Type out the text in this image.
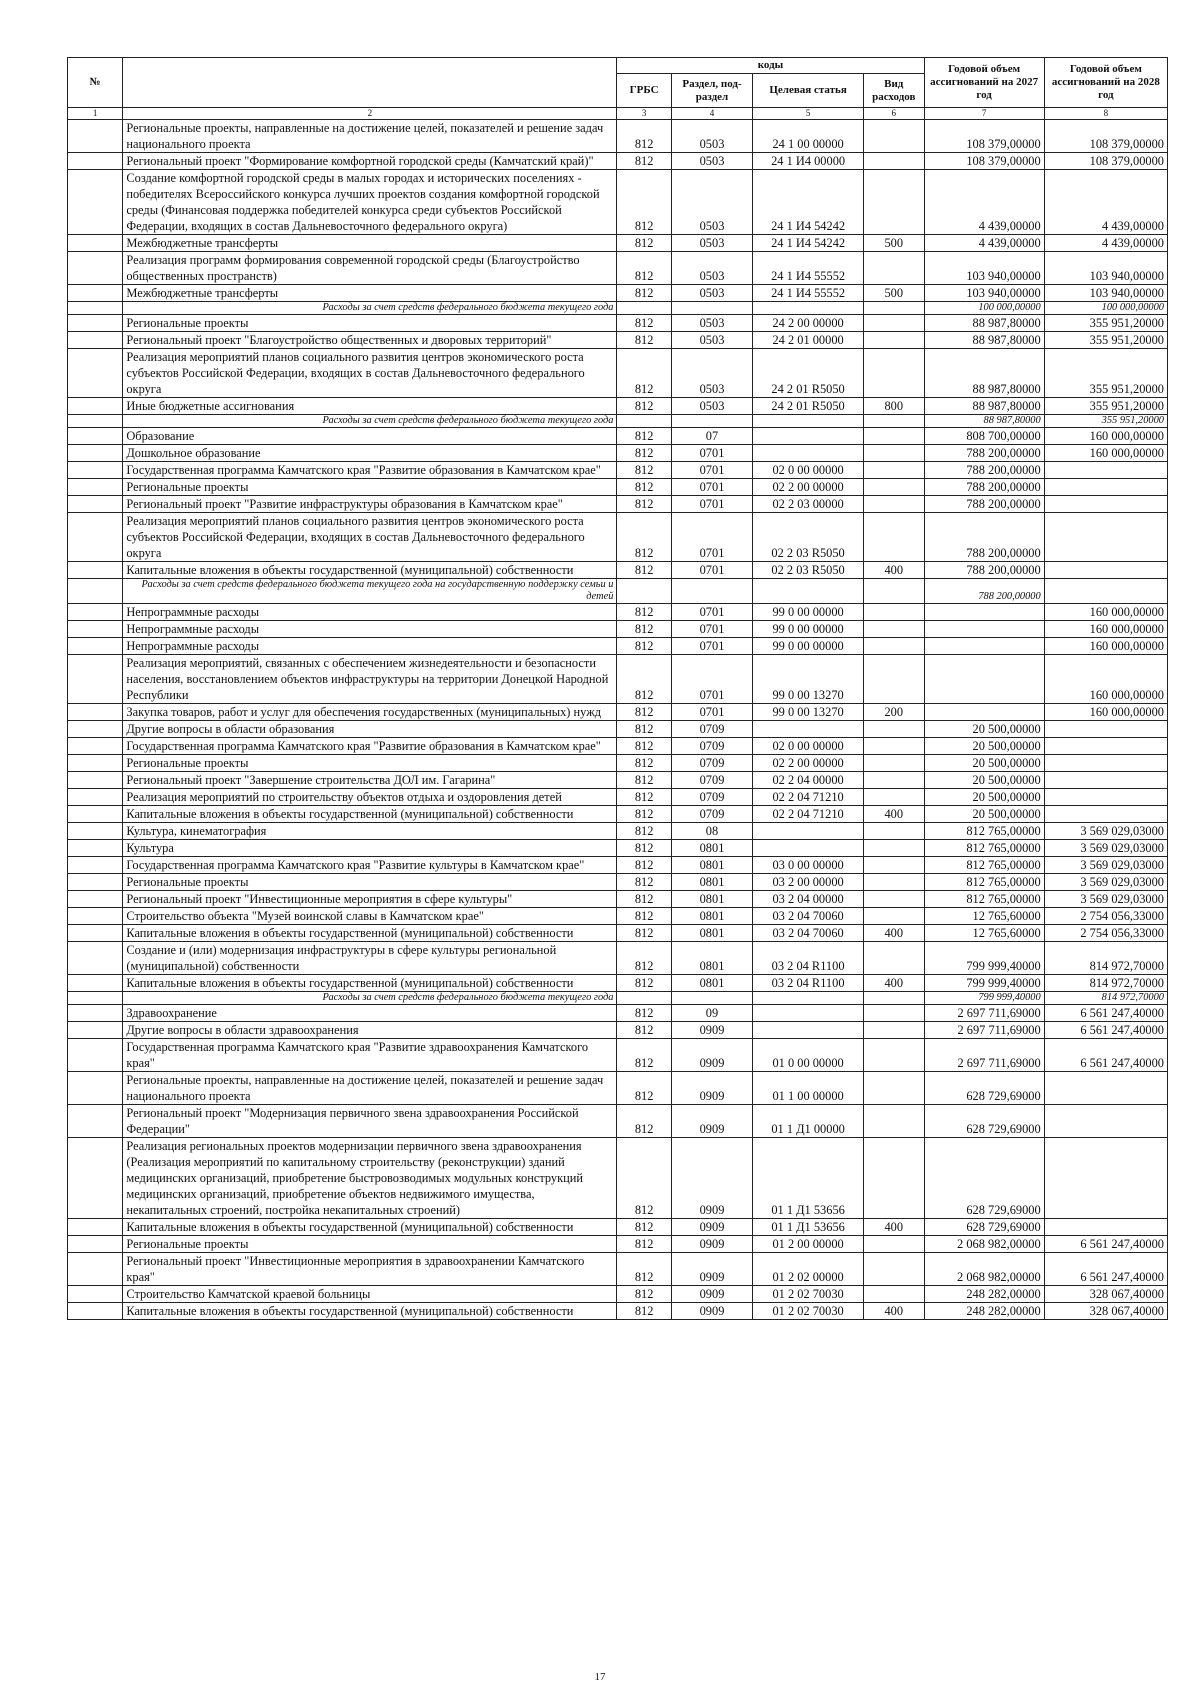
№		коды				Годовой объем ассигнований на 2027 год	Годовой объем ассигнований на 2028 год
		ГРБС	Раздел, под-раздел	Целевая статья	Вид расходов		
1	2	3	4	5	6	7	8
	Региональные проекты, направленные на достижение целей, показателей и решение задач национального проекта	812	0503	24 1 00 00000		108 379,00000	108 379,00000
	Региональный проект "Формирование комфортной городской среды (Камчатский край)"	812	0503	24 1 И4 00000		108 379,00000	108 379,00000
	Создание комфортной городской среды в малых городах и исторических поселениях - победителях Всероссийского конкурса лучших проектов создания комфортной городской среды (Финансовая поддержка победителей конкурса среди субъектов Российской Федерации, входящих в состав Дальневосточного федерального округа)	812	0503	24 1 И4 54242		4 439,00000	4 439,00000
	Межбюджетные трансферты	812	0503	24 1 И4 54242	500	4 439,00000	4 439,00000
	Реализация программ формирования современной городской среды (Благоустройство общественных пространств)	812	0503	24 1 И4 55552		103 940,00000	103 940,00000
	Межбюджетные трансферты	812	0503	24 1 И4 55552	500	103 940,00000	103 940,00000
	Расходы за счет средств федерального бюджета текущего года					100 000,00000	100 000,00000
	Региональные проекты	812	0503	24 2 00 00000		88 987,80000	355 951,20000
	Региональный проект "Благоустройство общественных и дворовых территорий"	812	0503	24 2 01 00000		88 987,80000	355 951,20000
	Реализация мероприятий планов социального развития центров экономического роста субъектов Российской Федерации, входящих в состав Дальневосточного федерального округа	812	0503	24 2 01 R5050		88 987,80000	355 951,20000
	Иные бюджетные ассигнования	812	0503	24 2 01 R5050	800	88 987,80000	355 951,20000
	Расходы за счет средств федерального бюджета текущего года					88 987,80000	355 951,20000
	Образование	812	07			808 700,00000	160 000,00000
	Дошкольное образование	812	0701			788 200,00000	160 000,00000
	Государственная программа Камчатского края "Развитие образования в Камчатском крае"	812	0701	02 0 00 00000		788 200,00000	
	Региональные проекты	812	0701	02 2 00 00000		788 200,00000	
	Региональный проект "Развитие инфраструктуры образования в Камчатском крае"	812	0701	02 2 03 00000		788 200,00000	
	Реализация мероприятий планов социального развития центров экономического роста субъектов Российской Федерации, входящих в состав Дальневосточного федерального округа	812	0701	02 2 03 R5050		788 200,00000	
	Капитальные вложения в объекты государственной (муниципальной) собственности	812	0701	02 2 03 R5050	400	788 200,00000	
	Расходы за счет средств федерального бюджета текущего года на государственную поддержку семьи и детей					788 200,00000	
	Непрограммные расходы	812	0701	99 0 00 00000			160 000,00000
	Непрограммные расходы	812	0701	99 0 00 00000			160 000,00000
	Непрограммные расходы	812	0701	99 0 00 00000			160 000,00000
	Реализация мероприятий, связанных с обеспечением жизнедеятельности и безопасности населения, восстановлением объектов инфраструктуры на территории Донецкой Народной Республики	812	0701	99 0 00 13270			160 000,00000
	Закупка товаров, работ и услуг для обеспечения государственных (муниципальных) нужд	812	0701	99 0 00 13270	200		160 000,00000
	Другие вопросы в области образования	812	0709			20 500,00000	
	Государственная программа Камчатского края "Развитие образования в Камчатском крае"	812	0709	02 0 00 00000		20 500,00000	
	Региональные проекты	812	0709	02 2 00 00000		20 500,00000	
	Региональный проект "Завершение строительства ДОЛ им. Гагарина"	812	0709	02 2 04 00000		20 500,00000	
	Реализация мероприятий по строительству объектов отдыха и оздоровления детей	812	0709	02 2 04 71210		20 500,00000	
	Капитальные вложения в объекты государственной (муниципальной) собственности	812	0709	02 2 04 71210	400	20 500,00000	
	Культура, кинематография	812	08			812 765,00000	3 569 029,03000
	Культура	812	0801			812 765,00000	3 569 029,03000
	Государственная программа Камчатского края "Развитие культуры в Камчатском крае"	812	0801	03 0 00 00000		812 765,00000	3 569 029,03000
	Региональные проекты	812	0801	03 2 00 00000		812 765,00000	3 569 029,03000
	Региональный проект "Инвестиционные мероприятия в сфере культуры"	812	0801	03 2 04 00000		812 765,00000	3 569 029,03000
	Строительство объекта "Музей воинской славы в Камчатском крае"	812	0801	03 2 04 70060		12 765,60000	2 754 056,33000
	Капитальные вложения в объекты государственной (муниципальной) собственности	812	0801	03 2 04 70060	400	12 765,60000	2 754 056,33000
	Создание и (или) модернизация инфраструктуры в сфере культуры региональной (муниципальной) собственности	812	0801	03 2 04 R1100		799 999,40000	814 972,70000
	Капитальные вложения в объекты государственной (муниципальной) собственности	812	0801	03 2 04 R1100	400	799 999,40000	814 972,70000
	Расходы за счет средств федерального бюджета текущего года					799 999,40000	814 972,70000
	Здравоохранение	812	09			2 697 711,69000	6 561 247,40000
	Другие вопросы в области здравоохранения	812	0909			2 697 711,69000	6 561 247,40000
	Государственная программа Камчатского края "Развитие здравоохранения Камчатского края"	812	0909	01 0 00 00000		2 697 711,69000	6 561 247,40000
	Региональные проекты, направленные на достижение целей, показателей и решение задач национального проекта	812	0909	01 1 00 00000		628 729,69000	
	Региональный проект "Модернизация первичного звена здравоохранения Российской Федерации"	812	0909	01 1 Д1 00000		628 729,69000	
	Реализация региональных проектов модернизации первичного звена здравоохранения (Реализация мероприятий по капитальному строительству (реконструкции) зданий медицинских организаций, приобретение быстровозводимых модульных конструкций медицинских организаций, приобретение объектов недвижимого имущества, некапитальных строений, постройка некапитальных строений)	812	0909	01 1 Д1 53656		628 729,69000	
	Капитальные вложения в объекты государственной (муниципальной) собственности	812	0909	01 1 Д1 53656	400	628 729,69000	
	Региональные проекты	812	0909	01 2 00 00000		2 068 982,00000	6 561 247,40000
	Региональный проект "Инвестиционные мероприятия в здравоохранении Камчатского края"	812	0909	01 2 02 00000		2 068 982,00000	6 561 247,40000
	Строительство Камчатской краевой больницы	812	0909	01 2 02 70030		248 282,00000	328 067,40000
	Капитальные вложения в объекты государственной (муниципальной) собственности	812	0909	01 2 02 70030	400	248 282,00000	328 067,40000
17
